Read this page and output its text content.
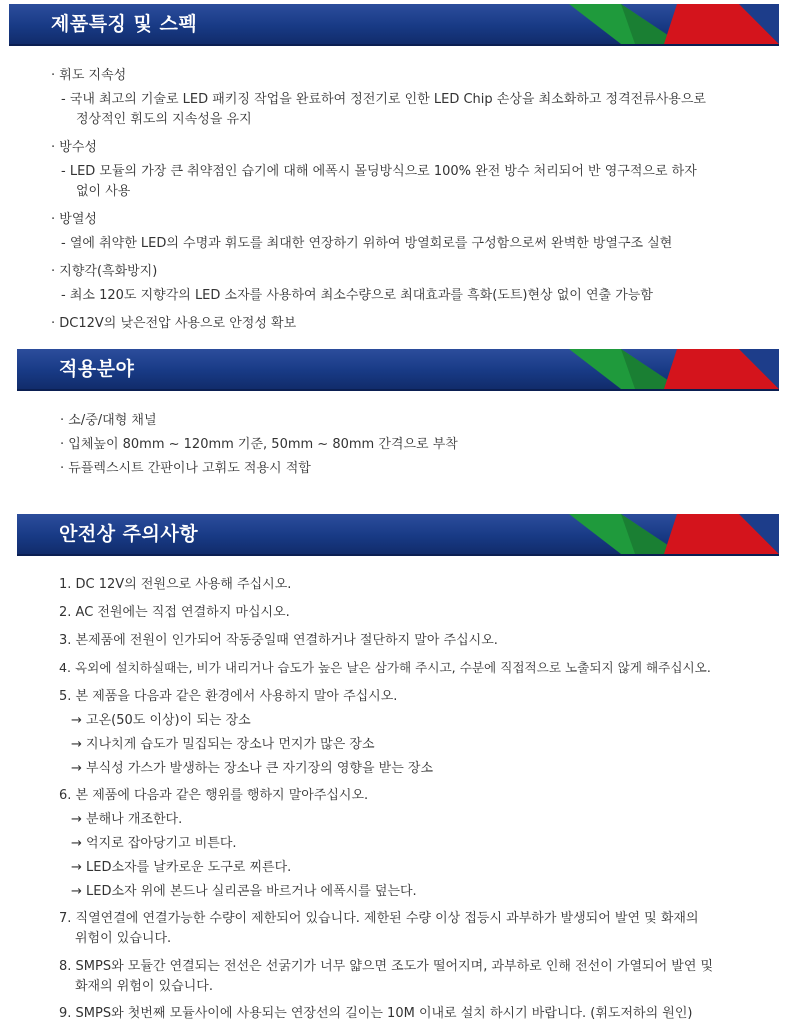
제품특징 및 스펙
· 휘도 지속성
- 국내 최고의 기술로 LED 패키징 작업을 완료하여 정전기로 인한 LED Chip 손상을 최소화하고 정격전류사용으로
정상적인 휘도의 지속성을 유지
· 방수성
- LED 모듈의 가장 큰 취약점인 습기에 대해 에폭시 몰딩방식으로 100% 완전 방수 처리되어 반 영구적으로 하자
없이 사용
· 방열성
- 열에 취약한 LED의 수명과 휘도를 최대한 연장하기 위하여 방열회로를 구성함으로써 완벽한 방열구조 실현
· 지향각(흑화방지)
- 최소 120도 지향각의 LED 소자를 사용하여 최소수량으로 최대효과를 흑화(도트)현상 없이 연출 가능함
· DC12V의 낮은전압 사용으로 안정성 확보
적용분야
· 소/중/대형 채널
· 입체높이 80mm ~ 120mm 기준, 50mm ~ 80mm 간격으로 부착
· 듀플렉스시트 간판이나 고휘도 적용시 적합
안전상 주의사항
1. DC 12V의 전원으로 사용해 주십시오.
2. AC 전원에는 직접 연결하지 마십시오.
3. 본제품에 전원이 인가되어 작동중일때 연결하거나 절단하지 말아 주십시오.
4. 옥외에 설치하실때는, 비가 내리거나 습도가 높은 날은 삼가해 주시고, 수분에 직접적으로 노출되지 않게 해주십시오.
5. 본 제품을 다음과 같은 환경에서 사용하지 말아 주십시오.
→ 고온(50도 이상)이 되는 장소
→ 지나치게 습도가 밀집되는 장소나 먼지가 많은 장소
→ 부식성 가스가 발생하는 장소나 큰 자기장의 영향을 받는 장소
6. 본 제품에 다음과 같은 행위를 행하지 말아주십시오.
→ 분해나 개조한다.
→ 억지로 잡아당기고 비튼다.
→ LED소자를 날카로운 도구로 찌른다.
→ LED소자 위에 본드나 실리콘을 바르거나 에폭시를 덮는다.
7. 직열연결에 연결가능한 수량이 제한되어 있습니다. 제한된 수량 이상 접등시 과부하가 발생되어 발연 및 화재의
위험이 있습니다.
8. SMPS와 모듈간 연결되는 전선은 선굵기가 너무 얇으면 조도가 떨어지며, 과부하로 인해 전선이 가열되어 발연 및
화재의 위험이 있습니다.
9. SMPS와 첫번째 모듈사이에 사용되는 연장선의 길이는 10M 이내로 설치 하시기 바랍니다. (휘도저하의 원인)
